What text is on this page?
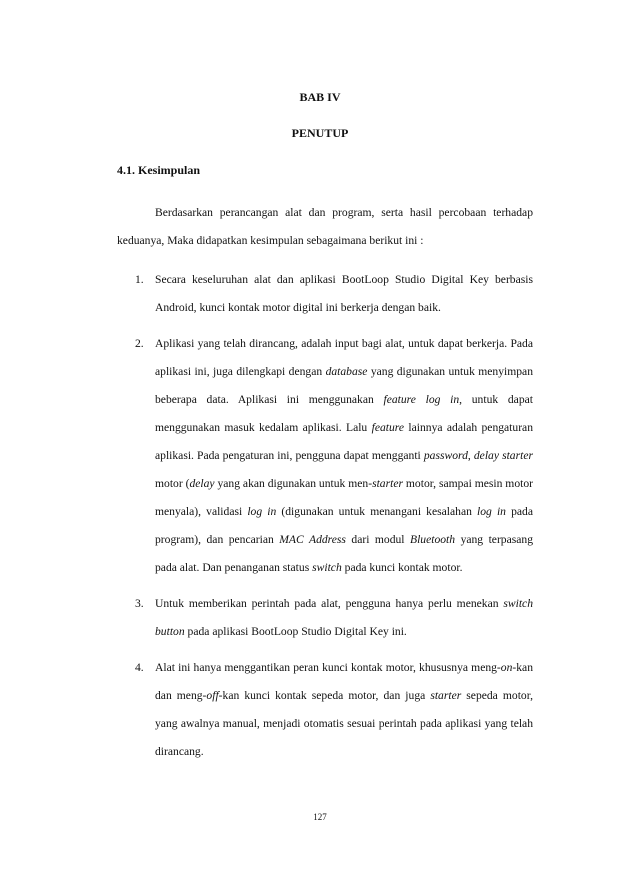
BAB IV
PENUTUP
4.1. Kesimpulan

Berdasarkan perancangan alat dan program, serta hasil percobaan terhadap keduanya, Maka didapatkan kesimpulan sebagaimana berikut ini :

1. Secara keseluruhan alat dan aplikasi BootLoop Studio Digital Key berbasis Android, kunci kontak motor digital ini berkerja dengan baik.
2. Aplikasi yang telah dirancang, adalah input bagi alat, untuk dapat berkerja. Pada aplikasi ini, juga dilengkapi dengan database yang digunakan untuk menyimpan beberapa data. Aplikasi ini menggunakan feature log in, untuk dapat menggunakan masuk kedalam aplikasi. Lalu feature lainnya adalah pengaturan aplikasi. Pada pengaturan ini, pengguna dapat mengganti password, delay starter motor (delay yang akan digunakan untuk men-starter motor, sampai mesin motor menyala), validasi log in (digunakan untuk menangani kesalahan log in pada program), dan pencarian MAC Address dari modul Bluetooth yang terpasang pada alat. Dan penanganan status switch pada kunci kontak motor.
3. Untuk memberikan perintah pada alat, pengguna hanya perlu menekan switch button pada aplikasi BootLoop Studio Digital Key ini.
4. Alat ini hanya menggantikan peran kunci kontak motor, khususnya meng-on-kan dan meng-off-kan kunci kontak sepeda motor, dan juga starter sepeda motor, yang awalnya manual, menjadi otomatis sesuai perintah pada aplikasi yang telah dirancang.
127
